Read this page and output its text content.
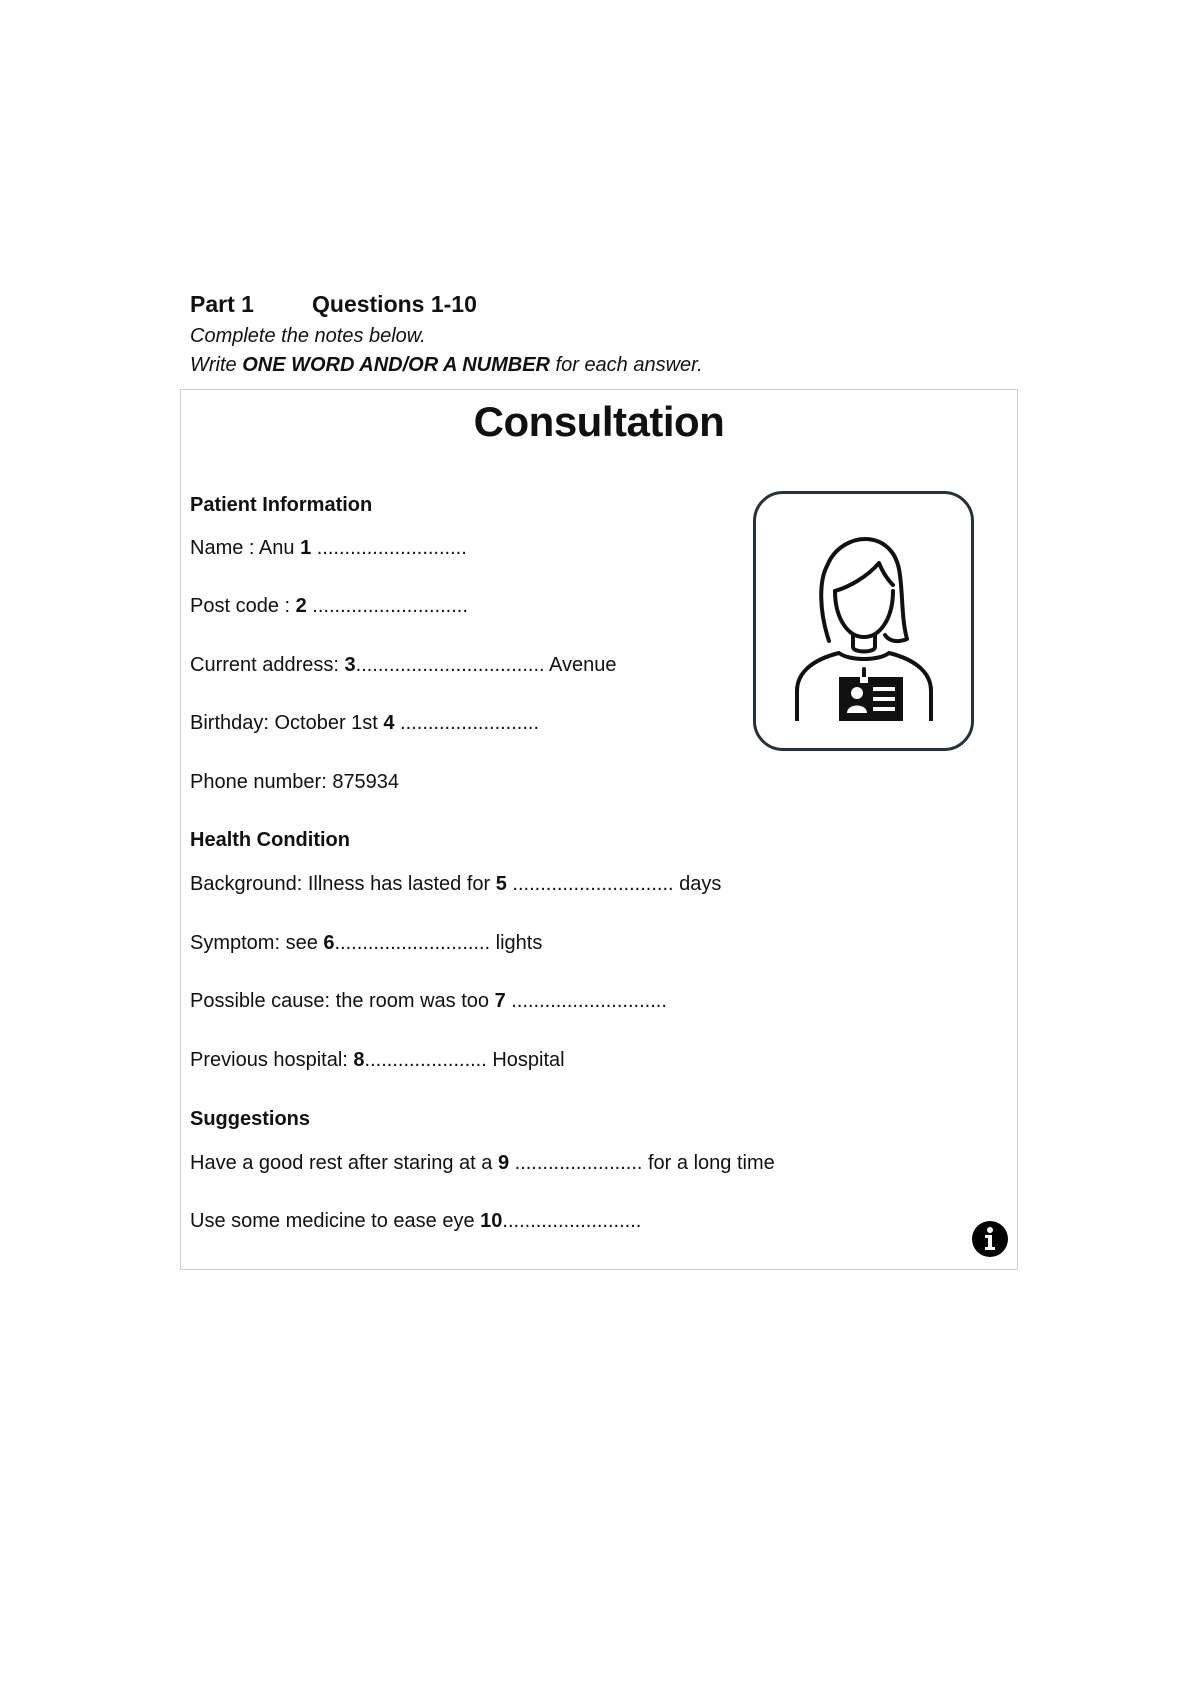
Part 1	Questions 1-10
Complete the notes below.
Write ONE WORD AND/OR A NUMBER for each answer.
Consultation
Patient Information
Name : Anu 1 ...........................
Post code : 2 ............................
Current address: 3.................................. Avenue
Birthday: October 1st 4 .........................
Phone number: 875934
Health Condition
Background: Illness has lasted for 5 ............................. days
Symptom: see 6............................ lights
Possible cause: the room was too 7 ............................
Previous hospital: 8...................... Hospital
Suggestions
Have a good rest after staring at a 9 ....................... for a long time
Use some medicine to ease eye 10.........................
